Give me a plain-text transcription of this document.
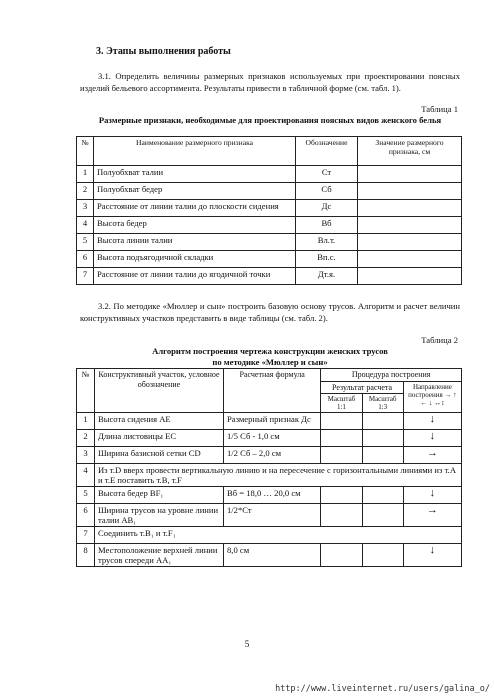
3. Этапы выполнения работы
3.1. Определить величины размерных признаков используемых при проектировании поясных изделий бельевого ассортимента. Результаты привести в табличной форме (см. табл. 1).
Таблица 1
Размерные признаки, необходимые для проектирования поясных видов женского белья
№	Наименование размерного признака	Обозначение	Значение размерного признака, см
1	Полуобхват талии	Ст	
2	Полуобхват бедер	Сб	
3	Расстояние от линии талии до плоскости сидения	Дс	
4	Высота бедер	Вб	
5	Высота линии талии	Вл.т.	
6	Высота подъягодичной складки	Вп.с.	
7	Расстояние от линии талии до ягодичной точки	Дт.я.	
3.2. По методике «Мюллер и сын» построить базовую основу трусов. Алгоритм и расчет величин конструктивных участков представить в виде таблицы (см. табл. 2).
Таблица 2
Алгоритм построения чертежа конструкции женских трусов
по методике «Мюллер и сын»
№	Конструктивный участок, условное обозначение	Расчетная формула	Процедура построения		
			Результат расчета		Направление построения → ↑ ← ↓ ↔↕
			Масштаб 1:1	Масштаб 1:3	
1	Высота сидения АЕ	Размерный признак Дс			↓
2	Длина листовицы ЕС	1/5 Сб - 1,0 см			↓
3	Ширина базисной сетки CD	1/2 Сб – 2,0 см			→
4	Из т.D вверх провести вертикальную линию и на пересечение с горизонтальными линиями из т.А и т.Е поставить т.В, т.F				
5	Высота бедер BF₁	Вб = 18,0 … 20,0 см			↓
6	Ширина трусов на уровне линии талии AB₁	1/2*Ст			→
7	Соединить т.B₁ и т.F₁				
8	Местоположение верхней линии трусов спереди AA₁	8,0 см			↓
5
http://www.liveinternet.ru/users/galina_o/
